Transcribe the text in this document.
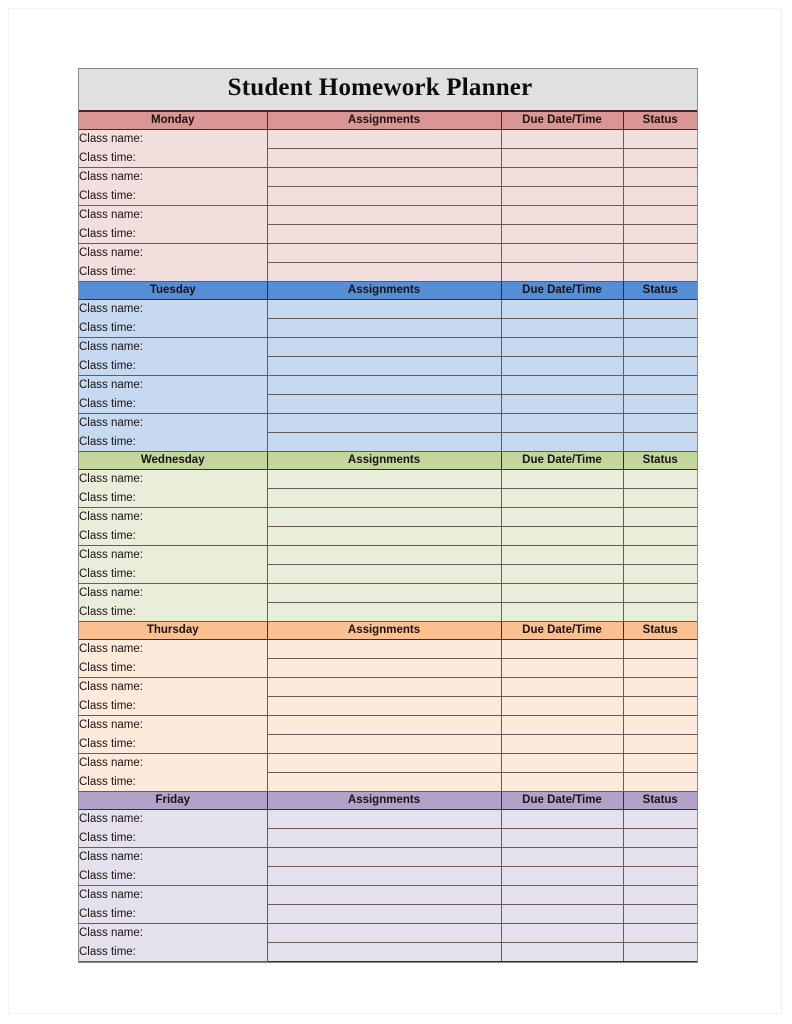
Student Homework Planner			
Monday	Assignments	Due Date/Time	Status
Class name:			
Class time:			
Class name:			
Class time:			
Class name:			
Class time:			
Class name:			
Class time:			
Tuesday	Assignments	Due Date/Time	Status
Class name:			
Class time:			
Class name:			
Class time:			
Class name:			
Class time:			
Class name:			
Class time:			
Wednesday	Assignments	Due Date/Time	Status
Class name:			
Class time:			
Class name:			
Class time:			
Class name:			
Class time:			
Class name:			
Class time:			
Thursday	Assignments	Due Date/Time	Status
Class name:			
Class time:			
Class name:			
Class time:			
Class name:			
Class time:			
Class name:			
Class time:			
Friday	Assignments	Due Date/Time	Status
Class name:			
Class time:			
Class name:			
Class time:			
Class name:			
Class time:			
Class name:			
Class time:			
